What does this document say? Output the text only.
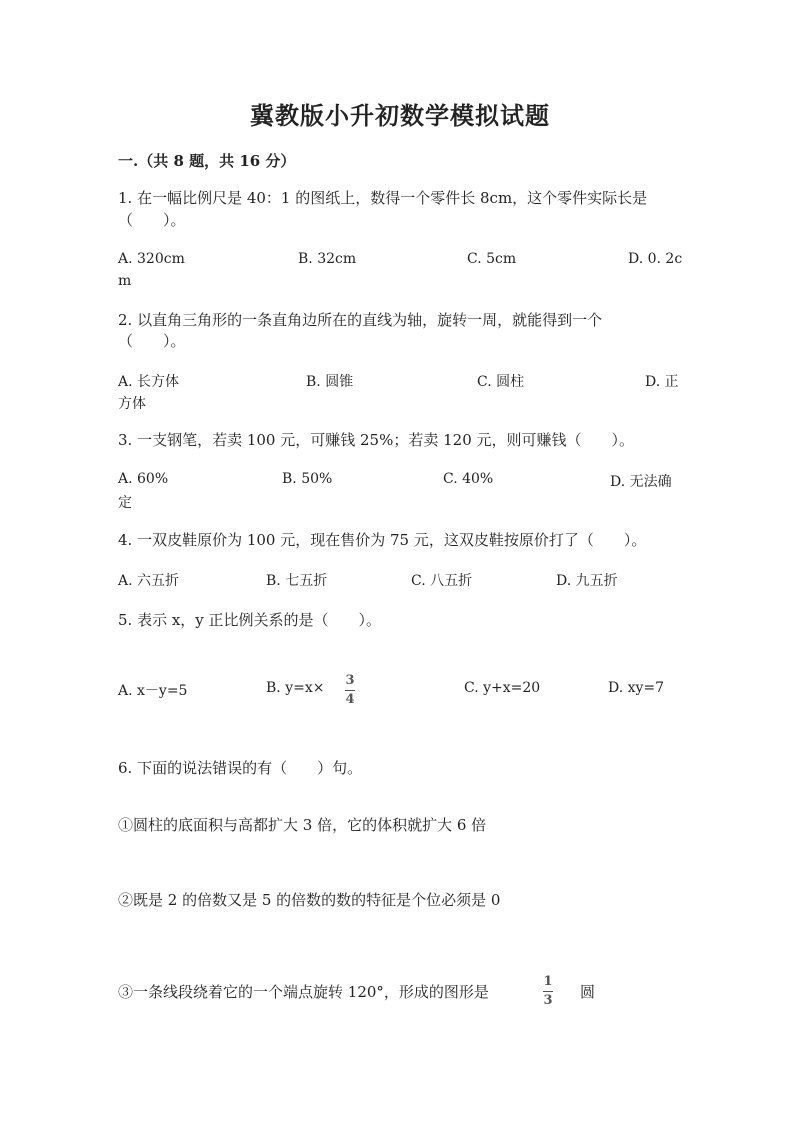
冀教版小升初数学模拟试题
一.（共 8 题，共 16 分）
1. 在一幅比例尺是 40：1 的图纸上，数得一个零件长 8cm，这个零件实际长是
（　　）。
A. 320cm	B. 32cm	C. 5cm	D. 0. 2c
m
2. 以直角三角形的一条直角边所在的直线为轴，旋转一周，就能得到一个
（　　）。
A. 长方体	B. 圆锥	C. 圆柱	D. 正
方体
3. 一支钢笔，若卖 100 元，可赚钱 25%；若卖 120 元，则可赚钱（　　）。
A. 60%	B. 50%	C. 40%	D. 无法确
定
4. 一双皮鞋原价为 100 元，现在售价为 75 元，这双皮鞋按原价打了（　　）。
A. 六五折	B. 七五折	C. 八五折	D. 九五折
5. 表示 x，y 正比例关系的是（　　）。
A. x－y=5	B. y=x× 3
4
C. y+x=20	D. xy=7
6. 下面的说法错误的有（　　）句。
①圆柱的底面积与高都扩大 3 倍，它的体积就扩大 6 倍
②既是 2 的倍数又是 5 的倍数的数的特征是个位必须是 0
③一条线段绕着它的一个端点旋转 120°，形成的图形是
1
3 圆
